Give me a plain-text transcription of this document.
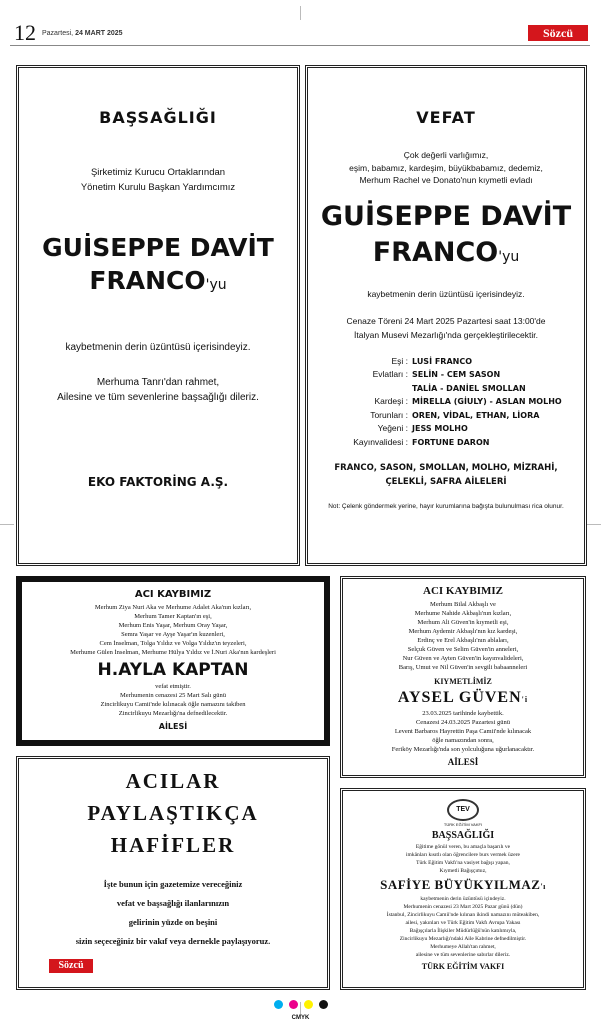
12 Pazartesi, 24 MART 2025	Sözcü
BAŞSAĞLIĞI
Şirketimiz Kurucu Ortaklarından
Yönetim Kurulu Başkan Yardımcımız
GUİSEPPE DAVİT
FRANCO'yu
kaybetmenin derin üzüntüsü içerisindeyiz.
Merhuma Tanrı'dan rahmet,
Ailesine ve tüm sevenlerine başsağlığı dileriz.
EKO FAKTORİNG A.Ş.
VEFAT
Çok değerli varlığımız,
eşim, babamız, kardeşim, büyükbabamız, dedemiz,
Merhum Rachel ve Donato'nun kıymetli evladı
GUİSEPPE DAVİT
FRANCO'yu
kaybetmenin derin üzüntüsü içerisindeyiz.
Cenaze Töreni 24 Mart 2025 Pazartesi saat 13:00'de
İtalyan Musevi Mezarlığı'nda gerçekleştirilecektir.
Eşi : LUSİ FRANCO
Evlatları : SELİN - CEM SASON
TALİA - DANİEL SMOLLAN
Kardeşi : MİRELLA (GİULY) - ASLAN MOLHO
Torunları : OREN, VİDAL, ETHAN, LİORA
Yeğeni : JESS MOLHO
Kayınvalidesi : FORTUNE DARON
FRANCO, SASON, SMOLLAN, MOLHO, MİZRAHİ,
ÇELEKLİ, SAFRA AİLELERİ
Not: Çelenk göndermek yerine, hayır kurumlarına bağışta bulunulması rica olunur.
ACI KAYBIMIZ
Merhum Ziya Nuri Aka ve Merhume Adalet Aka'nın kızları,
Merhum Tamer Kaptan'ın eşi,
Merhum Enis Yaşar, Merhum Oray Yaşar,
Semra Yaşar ve Ayşe Yaşar'ın kuzenleri,
Cem İnselman, Tolga Yıldız ve Volga Yıldız'ın teyzeleri,
Merhume Gülen İnselman, Merhume Hülya Yıldız ve İ.Nuri Aka'nın kardeşleri
H.AYLA KAPTAN
vefat etmiştir.
Merhumenin cenazesi 25 Mart Salı günü
Zincirlikuyu Camii'nde kılınacak öğle namazını takiben
Zincirlikuyu Mezarlığı'na defnedilecektir.
AİLESİ
ACI KAYBIMIZ
Merhum Bilal Akbaşlı ve
Merhume Nahide Akbaşlı'nın kızları,
Merhum Ali Güven'in kıymetli eşi,
Merhum Aydemir Akbaşlı'nın kız kardeşi,
Erdinç ve Erel Akbaşlı'nın ablaları,
Selçuk Güven ve Selim Güven'in anneleri,
Nur Güven ve Ayten Güven'in kayınvalideleri,
Barış, Umut ve Nil Güven'in sevgili babaanneleri
KIYMETLİMİZ
AYSEL GÜVEN'i
23.03.2025 tarihinde kaybettik.
Cenazesi 24.03.2025 Pazartesi günü
Levent Barbaros Hayrettin Paşa Camii'nde kılınacak
öğle namazından sonra,
Feriköy Mezarlığı'nda son yolculuğuna uğurlanacaktır.
AİLESİ
ACILAR
PAYLAŞTIKÇA
HAFİFLER
İşte bunun için gazetemize vereceğiniz
vefat ve başsağlığı ilanlarınızın
gelirinin yüzde on beşini
sizin seçeceğiniz bir vakıf veya dernekle paylaşıyoruz.
Sözcü
TEV
TÜRK EĞİTİM VAKFI
BAŞSAĞLIĞI
Eğitime gönül veren, bu amaçla başarılı ve
imkânları kısıtlı olan öğrencilere burs vermek üzere
Türk Eğitim Vakfı'na vasiyet bağışı yapan,
Kıymetli Bağışçımız,
SAFİYE BÜYÜKYILMAZ'ı
kaybetmenin derin üzüntüsü içindeyiz.
Merhumenin cenazesi 23 Mart 2025 Pazar günü (dün)
İstanbul, Zincirlikuyu Camii'nde kılınan ikindi namazını müteakiben,
ailesi, yakınları ve Türk Eğitim Vakfı Avrupa Yakası
Bağışçılarla İlişkiler Müdürlüğü'nün katılımıyla,
Zincirlikuyu Mezarlığı'ndaki Aile Kabrine defnedilmiştir.
Merhumeye Allah'tan rahmet,
ailesine ve tüm sevenlerine sabırlar dileriz.
TÜRK EĞİTİM VAKFI
CMYK
